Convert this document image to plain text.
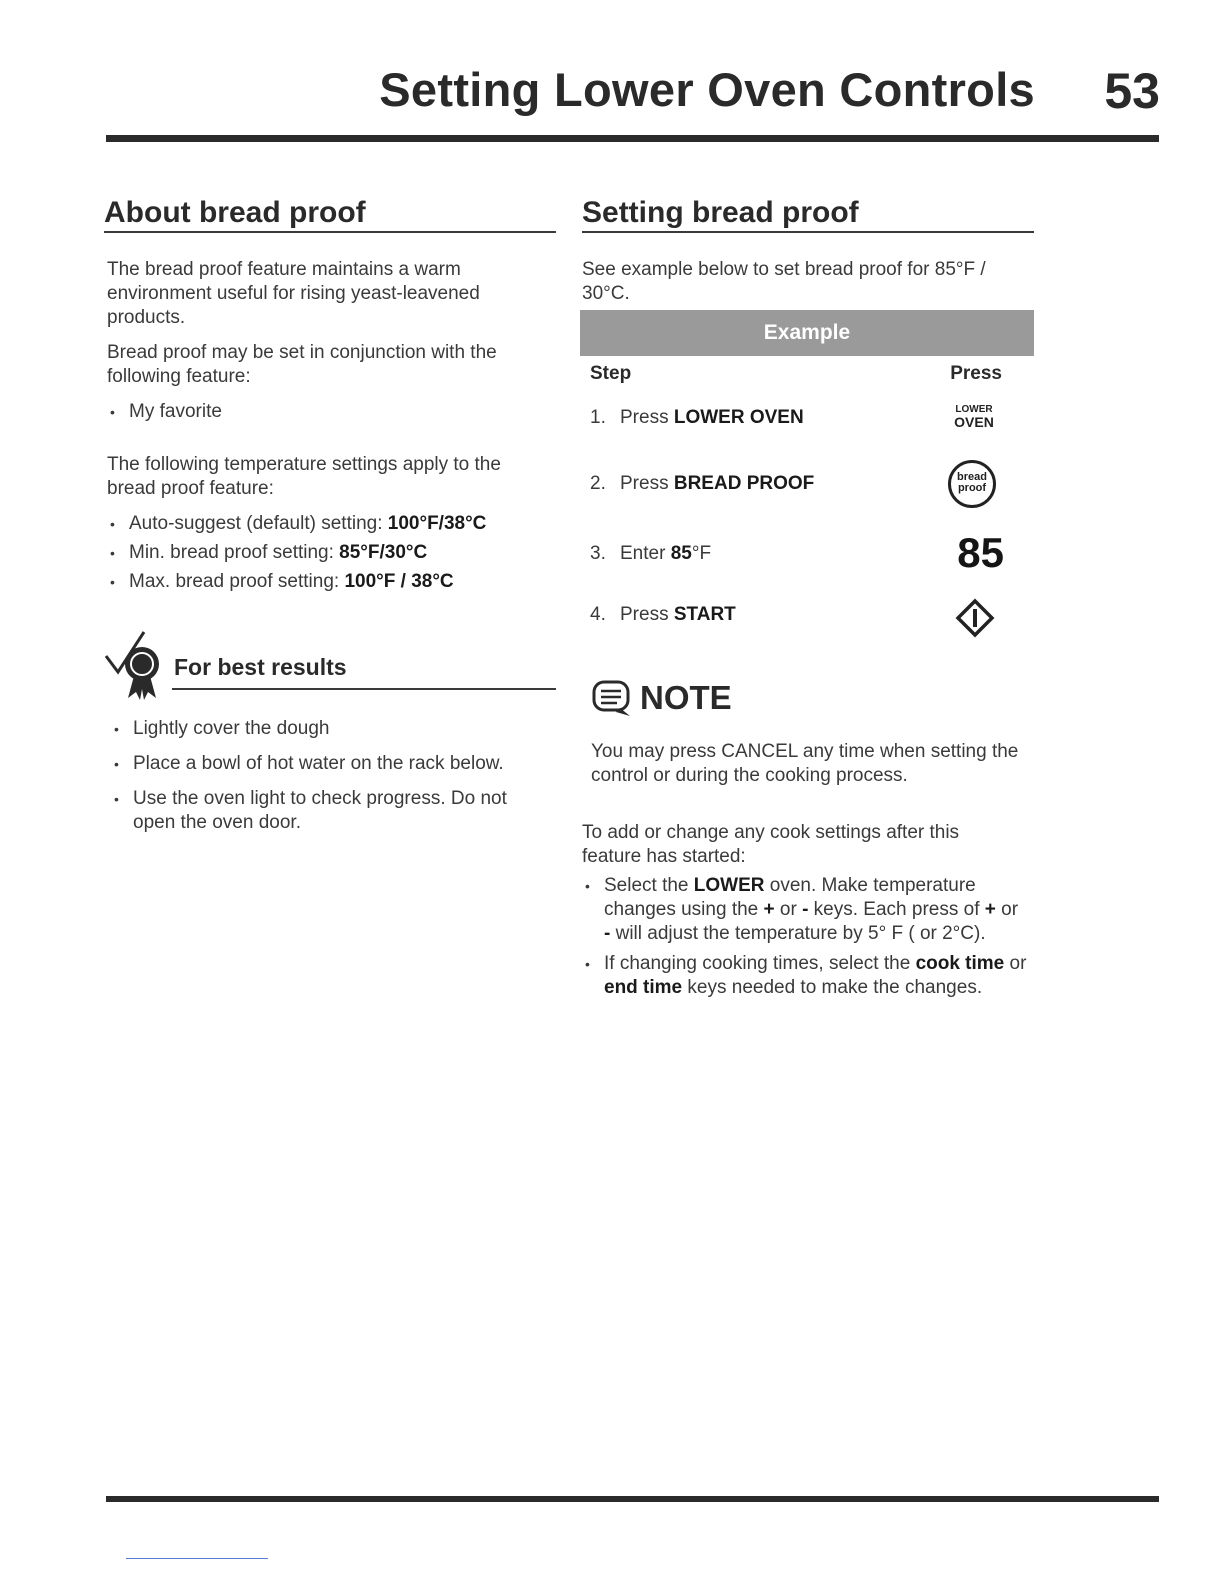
Setting Lower Oven Controls	53
About bread proof
The bread proof feature maintains a warm environment useful for rising yeast-leavened products.
Bread proof may be set in conjunction with the following feature:
• My favorite
The following temperature settings apply to the bread proof feature:
• Auto-suggest (default) setting: 100°F/38°C
• Min. bread proof setting: 85°F/30°C
• Max. bread proof setting: 100°F / 38°C
For best results
• Lightly cover the dough
• Place a bowl of hot water on the rack below.
• Use the oven light to check progress. Do not open the oven door.
Setting bread proof
See example below to set bread proof for 85°F / 30°C.
Example
Step	Press
1. Press LOWER OVEN	LOWER
OVEN
2. Press BREAD PROOF	bread
proof
3. Enter 85°F	85
4. Press START
NOTE
You may press CANCEL any time when setting the control or during the cooking process.
To add or change any cook settings after this feature has started:
• Select the LOWER oven. Make temperature changes using the + or - keys. Each press of + or - will adjust the temperature by 5° F ( or 2°C).
• If changing cooking times, select the cook time or end time keys needed to make the changes.
